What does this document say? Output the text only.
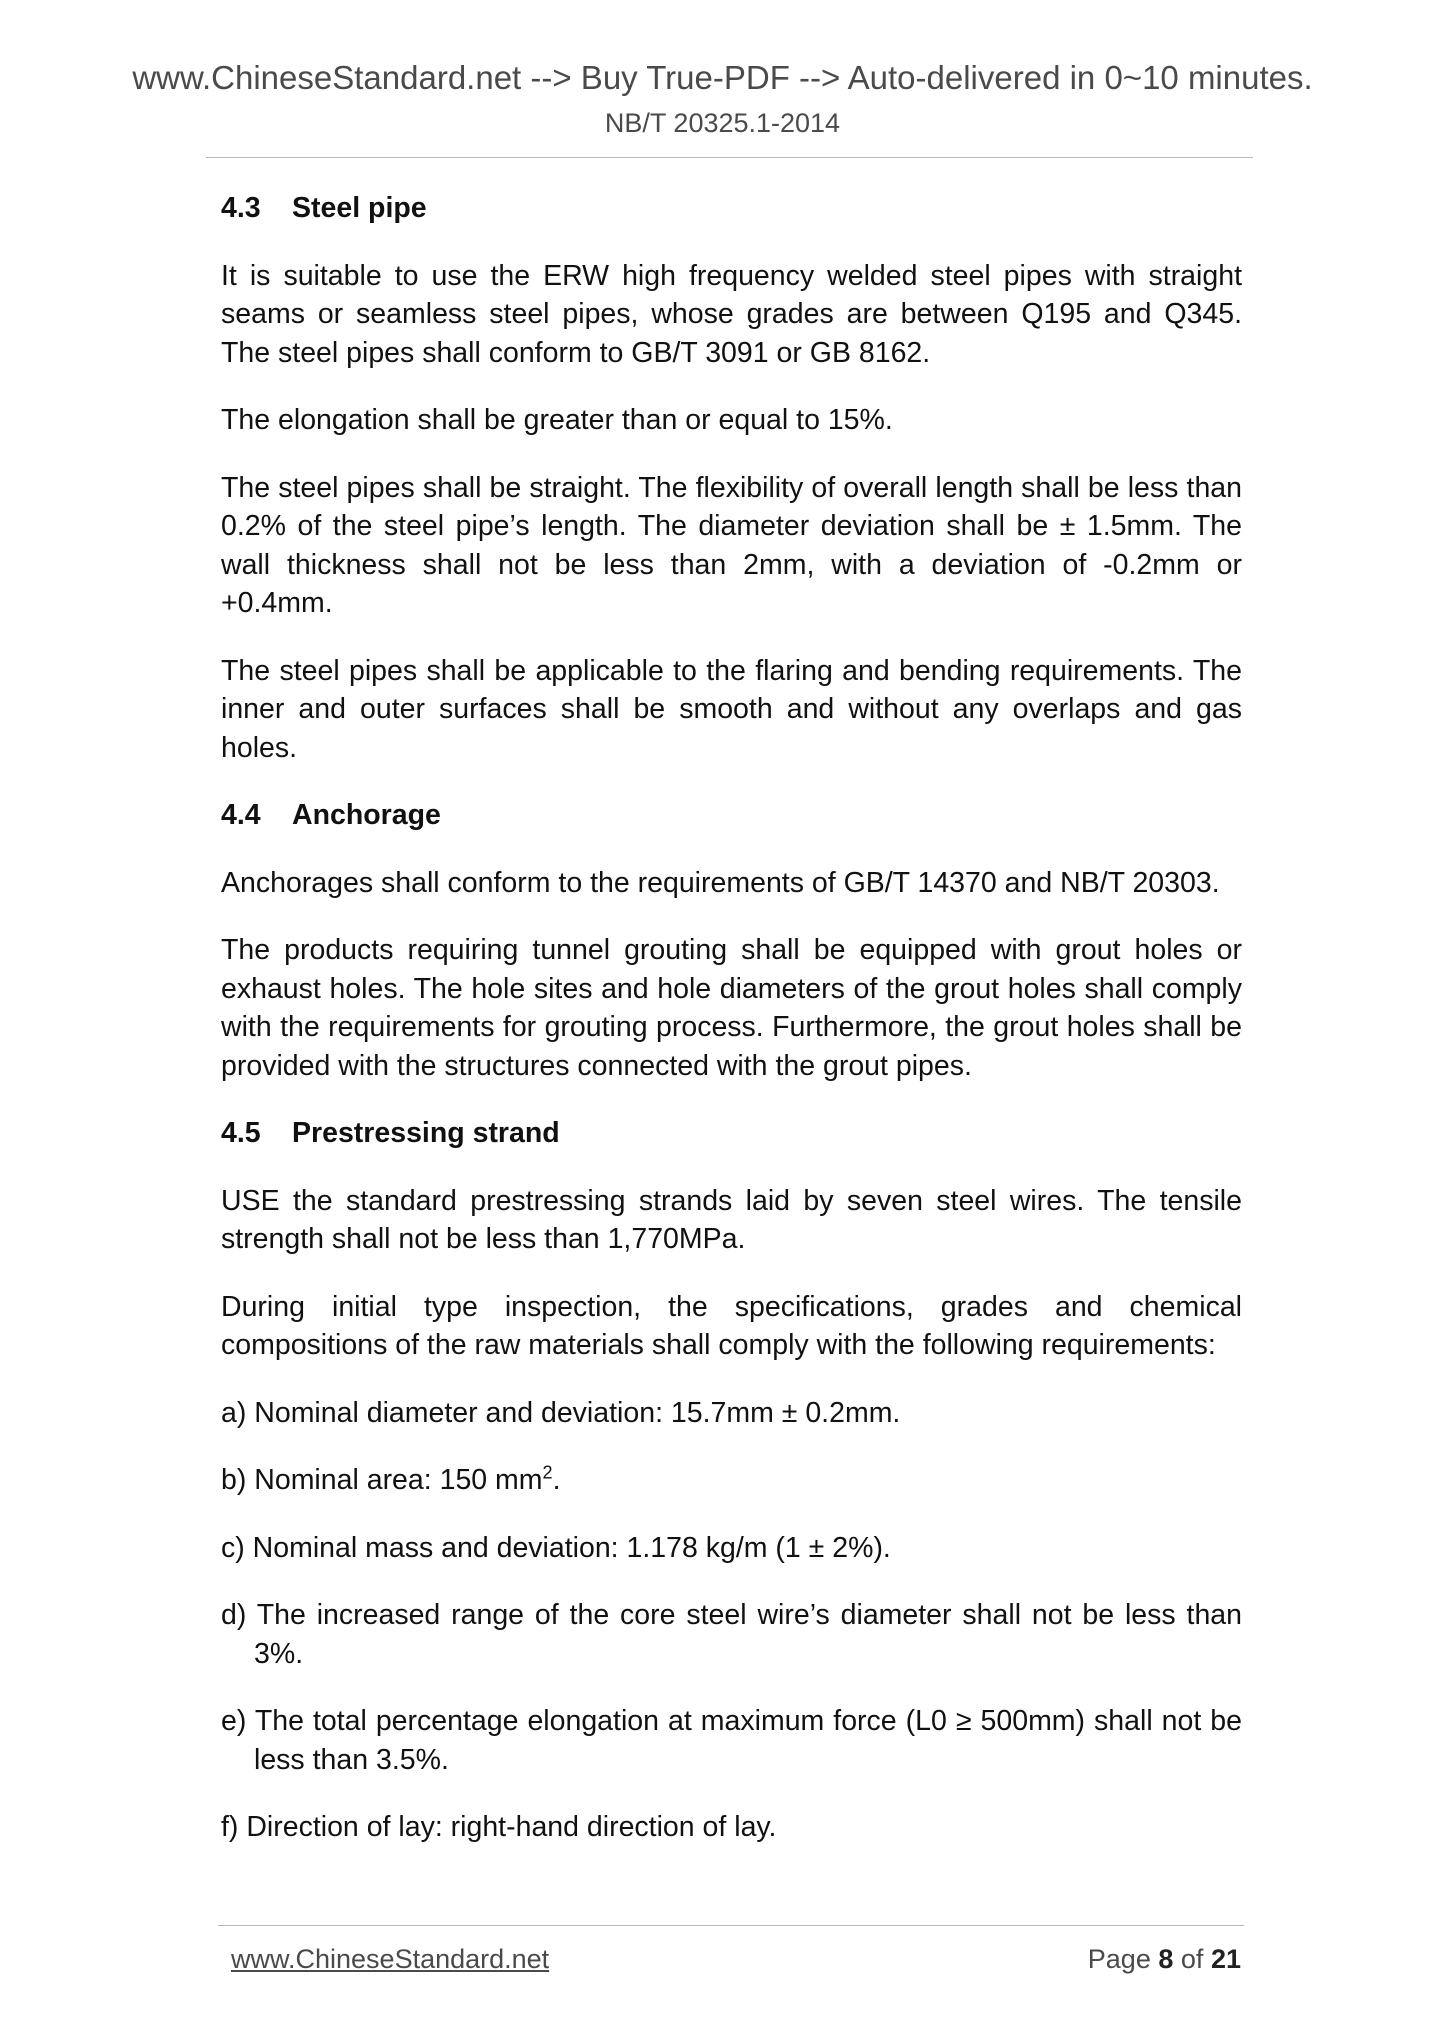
www.ChineseStandard.net --> Buy True-PDF --> Auto-delivered in 0~10 minutes.
NB/T 20325.1-2014
4.3 Steel pipe

It is suitable to use the ERW high frequency welded steel pipes with straight seams or seamless steel pipes, whose grades are between Q195 and Q345. The steel pipes shall conform to GB/T 3091 or GB 8162.

The elongation shall be greater than or equal to 15%.

The steel pipes shall be straight. The flexibility of overall length shall be less than 0.2% of the steel pipe’s length. The diameter deviation shall be ± 1.5mm. The wall thickness shall not be less than 2mm, with a deviation of -0.2mm or +0.4mm.

The steel pipes shall be applicable to the flaring and bending requirements. The inner and outer surfaces shall be smooth and without any overlaps and gas holes.

4.4 Anchorage

Anchorages shall conform to the requirements of GB/T 14370 and NB/T 20303.

The products requiring tunnel grouting shall be equipped with grout holes or exhaust holes. The hole sites and hole diameters of the grout holes shall comply with the requirements for grouting process. Furthermore, the grout holes shall be provided with the structures connected with the grout pipes.

4.5 Prestressing strand

USE the standard prestressing strands laid by seven steel wires. The tensile strength shall not be less than 1,770MPa.

During initial type inspection, the specifications, grades and chemical compositions of the raw materials shall comply with the following requirements:

a) Nominal diameter and deviation: 15.7mm ± 0.2mm.

b) Nominal area: 150 $mm^2$.

c) Nominal mass and deviation: 1.178 kg/m (1 ± 2%).

d) The increased range of the core steel wire’s diameter shall not be less than 3%.

e) The total percentage elongation at maximum force (L0 ≥ 500mm) shall not be less than 3.5%.

f) Direction of lay: right-hand direction of lay.

www.ChineseStandard.net	Page 8 of 21
